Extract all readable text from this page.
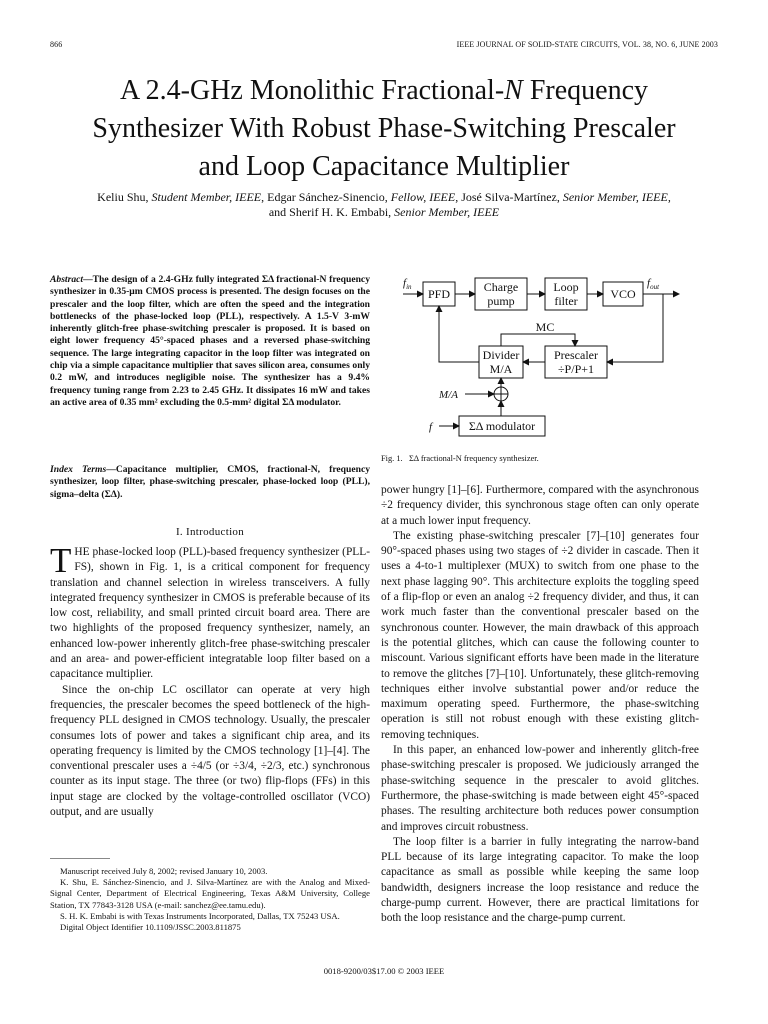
866	IEEE JOURNAL OF SOLID-STATE CIRCUITS, VOL. 38, NO. 6, JUNE 2003
A 2.4-GHz Monolithic Fractional-N Frequency
Synthesizer With Robust Phase-Switching Prescaler
and Loop Capacitance Multiplier
Keliu Shu, Student Member, IEEE, Edgar Sánchez-Sinencio, Fellow, IEEE, José Silva-Martínez, Senior Member, IEEE,
and Sherif H. K. Embabi, Senior Member, IEEE
Abstract—The design of a 2.4-GHz fully integrated ΣΔ fractional-N frequency synthesizer in 0.35-μm CMOS process is presented. The design focuses on the prescaler and the loop filter, which are often the speed and the integration bottlenecks of the phase-locked loop (PLL), respectively. A 1.5-V 3-mW inherently glitch-free phase-switching prescaler is proposed. It is based on eight lower frequency 45°-spaced phases and a reversed phase-switching sequence. The large integrating capacitor in the loop filter was integrated on chip via a simple capacitance multiplier that saves silicon area, consumes only 0.2 mW, and introduces negligible noise. The synthesizer has a 9.4% frequency tuning range from 2.23 to 2.45 GHz. It dissipates 16 mW and takes an active area of 0.35 mm² excluding the 0.5-mm² digital ΣΔ modulator.
Index Terms—Capacitance multiplier, CMOS, fractional-N, frequency synthesizer, loop filter, phase-switching prescaler, phase-locked loop (PLL), sigma–delta (ΣΔ).
I. Introduction

THE phase-locked loop (PLL)-based frequency synthesizer (PLL-FS), shown in Fig. 1, is a critical component for frequency translation and channel selection in wireless transceivers. A fully integrated frequency synthesizer in CMOS is preferable because of its low cost, reliability, and small printed circuit board area. There are two highlights of the proposed frequency synthesizer, namely, an enhanced low-power inherently glitch-free phase-switching prescaler and an area- and power-efficient integratable loop filter based on a capacitance multiplier.

Since the on-chip LC oscillator can operate at very high frequencies, the prescaler becomes the speed bottleneck of the high-frequency PLL designed in CMOS technology. Usually, the prescaler consumes lots of power and takes a significant chip area, and its operating frequency is limited by the CMOS technology [1]–[4]. The conventional prescaler uses a ÷4/5 (or ÷3/4, ÷2/3, etc.) synchronous counter as its input stage. The three (or two) flip-flops (FFs) in this input stage are clocked by the voltage-controlled oscillator (VCO) output, and are usually

Manuscript received July 8, 2002; revised January 10, 2003.

K. Shu, E. Sánchez-Sinencio, and J. Silva-Martínez are with the Analog and Mixed-Signal Center, Department of Electrical Engineering, Texas A&M University, College Station, TX 77843-3128 USA (e-mail: sanchez@ee.tamu.edu).

S. H. K. Embabi is with Texas Instruments Incorporated, Dallas, TX 75243 USA.

Digital Object Identifier 10.1109/JSSC.2003.811875

PFD	Charge
pump
Loop
filter	VCO
Divider
M/A
Prescaler
÷P/P+1
ΣΔ modulator
MC
$f_{in}$	$f_{out}$
M/A
f
Fig. 1. ΣΔ fractional-N frequency synthesizer.

power hungry [1]–[6]. Furthermore, compared with the asynchronous ÷2 frequency divider, this synchronous stage often can only operate at a much lower input frequency.

The existing phase-switching prescaler [7]–[10] generates four 90°-spaced phases using two stages of ÷2 divider in cascade. Then it uses a 4-to-1 multiplexer (MUX) to switch from one phase to the next phase lagging 90°. This architecture exploits the toggling speed of a flip-flop or even an analog ÷2 frequency divider, and thus, it can work much faster than the conventional prescaler based on the synchronous counter. However, the main drawback of this approach is the potential glitches, which can cause the following counter to miscount. Various significant efforts have been made in the literature to remove the glitches [7]–[10]. Unfortunately, these glitch-removing techniques either involve substantial power and/or reduce the maximum operating speed. Furthermore, the phase-switching operation is still not robust enough with these existing glitch-removing techniques.

In this paper, an enhanced low-power and inherently glitch-free phase-switching prescaler is proposed. We judiciously arranged the phase-switching sequence in the prescaler to avoid glitches. Furthermore, the phase-switching is made between eight 45°-spaced phases. The resulting architecture both reduces power consumption and improves circuit robustness.

The loop filter is a barrier in fully integrating the narrow-band PLL because of its large integrating capacitor. To make the loop capacitance as small as possible while keeping the same loop bandwidth, designers increase the loop resistance and reduce the charge-pump current. However, there are practical limitations for both the loop resistance and the charge-pump current.

0018-9200/03$17.00 © 2003 IEEE
